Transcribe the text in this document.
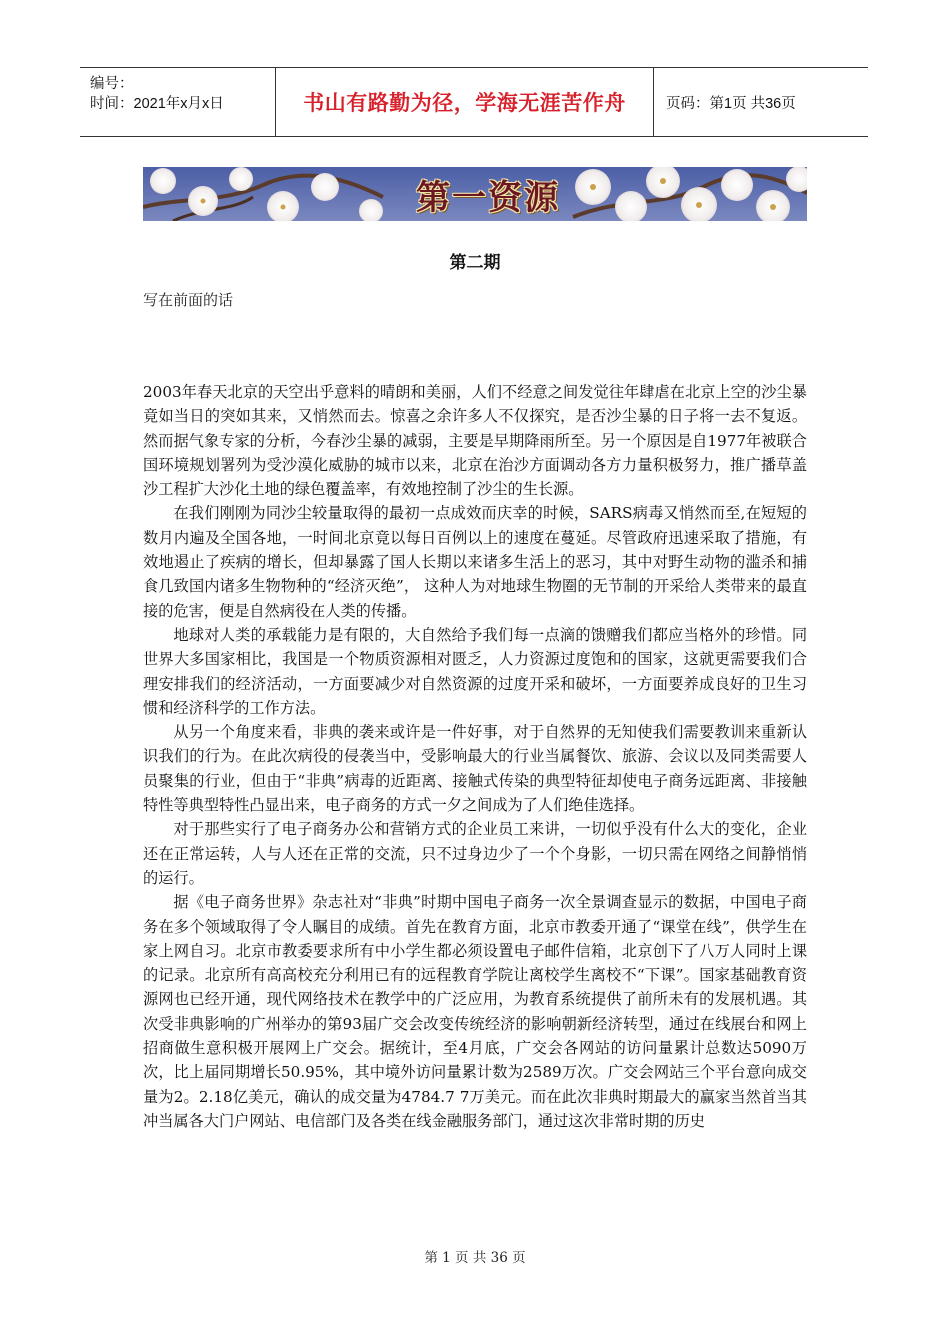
编号：
时间：2021年x月x日	书山有路勤为径，学海无涯苦作舟	页码：第1页 共36页
第一资源
第二期
写在前面的话

2003年春天北京的天空出乎意料的晴朗和美丽，人们不经意之间发觉往年肆虐在北京上空的沙尘暴竟如当日的突如其来，又悄然而去。惊喜之余许多人不仅探究，是否沙尘暴的日子将一去不复返。然而据气象专家的分析，今春沙尘暴的减弱，主要是早期降雨所至。另一个原因是自1977年被联合国环境规划署列为受沙漠化威胁的城市以来，北京在治沙方面调动各方力量积极努力，推广播草盖沙工程扩大沙化土地的绿色覆盖率，有效地控制了沙尘的生长源。

在我们刚刚为同沙尘较量取得的最初一点成效而庆幸的时候，SARS病毒又悄然而至,在短短的数月内遍及全国各地，一时间北京竟以每日百例以上的速度在蔓延。尽管政府迅速采取了措施，有效地遏止了疾病的增长，但却暴露了国人长期以来诸多生活上的恶习，其中对野生动物的滥杀和捕食几致国内诸多生物物种的“经济灭绝”， 这种人为对地球生物圈的无节制的开采给人类带来的最直接的危害，便是自然病役在人类的传播。

地球对人类的承载能力是有限的，大自然给予我们每一点滴的馈赠我们都应当格外的珍惜。同世界大多国家相比，我国是一个物质资源相对匮乏，人力资源过度饱和的国家，这就更需要我们合理安排我们的经济活动，一方面要减少对自然资源的过度开采和破坏，一方面要养成良好的卫生习惯和经济科学的工作方法。

从另一个角度来看，非典的袭来或许是一件好事，对于自然界的无知使我们需要教训来重新认识我们的行为。在此次病役的侵袭当中，受影响最大的行业当属餐饮、旅游、会议以及同类需要人员聚集的行业，但由于“非典”病毒的近距离、接触式传染的典型特征却使电子商务远距离、非接触特性等典型特性凸显出来，电子商务的方式一夕之间成为了人们绝佳选择。

对于那些实行了电子商务办公和营销方式的企业员工来讲，一切似乎没有什么大的变化，企业还在正常运转，人与人还在正常的交流，只不过身边少了一个个身影，一切只需在网络之间静悄悄的运行。

据《电子商务世界》杂志社对“非典”时期中国电子商务一次全景调查显示的数据，中国电子商务在多个领域取得了令人瞩目的成绩。首先在教育方面，北京市教委开通了“课堂在线”，供学生在家上网自习。北京市教委要求所有中小学生都必须设置电子邮件信箱，北京创下了八万人同时上课的记录。北京所有高高校充分利用已有的远程教育学院让离校学生离校不“下课”。国家基础教育资源网也已经开通，现代网络技术在教学中的广泛应用，为教育系统提供了前所未有的发展机遇。其次受非典影响的广州举办的第93届广交会改变传统经济的影响朝新经济转型，通过在线展台和网上招商做生意积极开展网上广交会。据统计，至4月底，广交会各网站的访问量累计总数达5090万次，比上届同期增长50.95%，其中境外访问量累计数为2589万次。广交会网站三个平台意向成交量为2。2.18亿美元，确认的成交量为4784.7 7万美元。而在此次非典时期最大的赢家当然首当其冲当属各大门户网站、电信部门及各类在线金融服务部门，通过这次非常时期的历史

第 1 页 共 36 页
